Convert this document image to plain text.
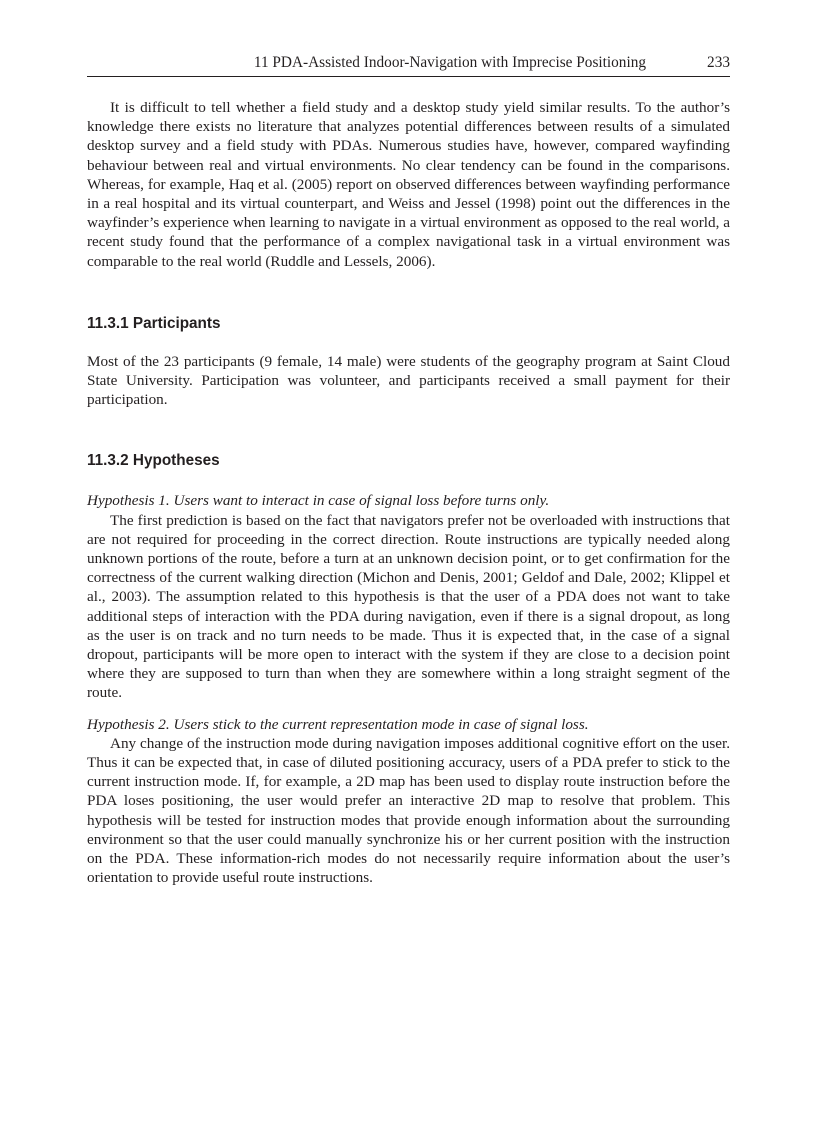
11 PDA-Assisted Indoor-Navigation with Imprecise Positioning	233

It is difficult to tell whether a field study and a desktop study yield similar results. To the author’s knowledge there exists no literature that analyzes potential differences between results of a simulated desktop survey and a field study with PDAs. Numerous studies have, however, compared wayfinding behaviour between real and virtual environments. No clear tendency can be found in the comparisons. Whereas, for example, Haq et al. (2005) report on observed differences between wayfinding performance in a real hospital and its virtual counterpart, and Weiss and Jessel (1998) point out the differences in the wayfinder’s experience when learning to navigate in a virtual environment as opposed to the real world, a recent study found that the performance of a complex navigational task in a virtual environment was comparable to the real world (Ruddle and Lessels, 2006).

11.3.1 Participants

Most of the 23 participants (9 female, 14 male) were students of the geography program at Saint Cloud State University. Participation was volunteer, and participants received a small payment for their participation.

11.3.2 Hypotheses

Hypothesis 1. Users want to interact in case of signal loss before turns only.

The first prediction is based on the fact that navigators prefer not be overloaded with instructions that are not required for proceeding in the correct direction. Route instructions are typically needed along unknown portions of the route, before a turn at an unknown decision point, or to get confirmation for the correctness of the current walking direction (Michon and Denis, 2001; Geldof and Dale, 2002; Klippel et al., 2003). The assumption related to this hypothesis is that the user of a PDA does not want to take additional steps of interaction with the PDA during navigation, even if there is a signal dropout, as long as the user is on track and no turn needs to be made. Thus it is expected that, in the case of a signal dropout, participants will be more open to interact with the system if they are close to a decision point where they are supposed to turn than when they are somewhere within a long straight segment of the route.

Hypothesis 2. Users stick to the current representation mode in case of signal loss.

Any change of the instruction mode during navigation imposes additional cognitive effort on the user. Thus it can be expected that, in case of diluted positioning accuracy, users of a PDA prefer to stick to the current instruction mode. If, for example, a 2D map has been used to display route instruction before the PDA loses positioning, the user would prefer an interactive 2D map to resolve that problem. This hypothesis will be tested for instruction modes that provide enough information about the surrounding environment so that the user could manually synchronize his or her current position with the instruction on the PDA. These information-rich modes do not necessarily require information about the user’s orientation to provide useful route instructions.
